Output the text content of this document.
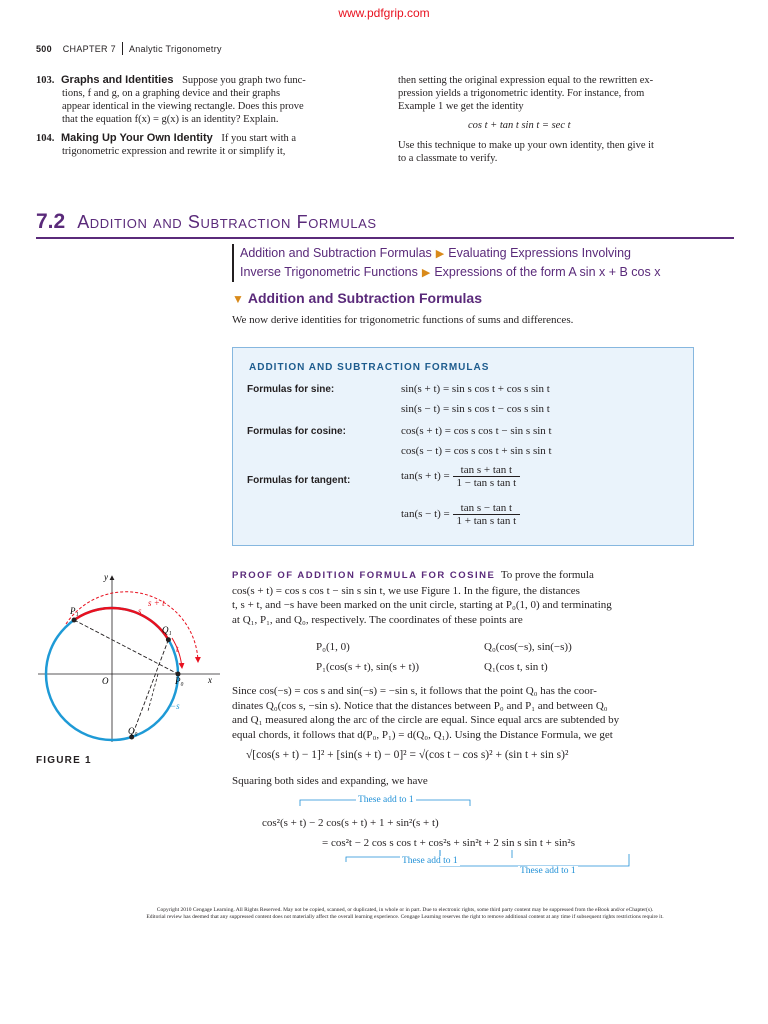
www.pdfgrip.com
500 CHAPTER 7 Analytic Trigonometry
103. Graphs and Identities Suppose you graph two func-
tions, f and g, on a graphing device and their graphs
appear identical in the viewing rectangle. Does this prove
that the equation f(x) = g(x) is an identity? Explain.
104. Making Up Your Own Identity If you start with a
trigonometric expression and rewrite it or simplify it,
then setting the original expression equal to the rewritten ex-
pression yields a trigonometric identity. For instance, from
Example 1 we get the identity
cos t + tan t sin t = sec t
Use this technique to make up your own identity, then give it
to a classmate to verify.
7.2 Addition and Subtraction Formulas
Addition and Subtraction Formulas ▶ Evaluating Expressions Involving
Inverse Trigonometric Functions ▶ Expressions of the form A sin x + B cos x
▼ Addition and Subtraction Formulas
We now derive identities for trigonometric functions of sums and differences.
ADDITION AND SUBTRACTION FORMULAS
Formulas for sine:	sin(s + t) = sin s cos t + cos s sin t
sin(s − t) = sin s cos t − cos s sin t
Formulas for cosine:	cos(s + t) = cos s cos t − sin s sin t
cos(s − t) = cos s cos t + sin s sin t
Formulas for tangent:	$\tan(s + t) = \frac{\text{tan s + tan t}}{\text{1 − tan s tan t}}$
$\tan(s - t) = \frac{\text{tan s − tan t}}{\text{1 + tan s tan t}}$
y
x
O	P₀
P₁
Q₁
Q₀
s + t
s
t
−s
FIGURE 1
PROOF OF ADDITION FORMULA FOR COSINE To prove the formula
cos(s + t) = cos s cos t − sin s sin t, we use Figure 1. In the figure, the distances
t, s + t, and −s have been marked on the unit circle, starting at P₀(1, 0) and terminating
at Q₁, P₁, and Q₀, respectively. The coordinates of these points are
P₀(1, 0)	Q₀(cos(−s), sin(−s))
P₁(cos(s + t), sin(s + t))	Q₁(cos t, sin t)
Since cos(−s) = cos s and sin(−s) = −sin s, it follows that the point Q₀ has the coor-
dinates Q₀(cos s, −sin s). Notice that the distances between P₀ and P₁ and between Q₀
and Q₁ measured along the arc of the circle are equal. Since equal arcs are subtended by
equal chords, it follows that d(P₀, P₁) = d(Q₀, Q₁). Using the Distance Formula, we get
√[cos(s + t) − 1]² + [sin(s + t) − 0]² = √(cos t − cos s)² + (sin t + sin s)²
Squaring both sides and expanding, we have
These add to 1
cos²(s + t) − 2 cos(s + t) + 1 + sin²(s + t)
= cos²t − 2 cos s cos t + cos²s + sin²t + 2 sin s sin t + sin²s
These add to 1
These add to 1
Copyright 2010 Cengage Learning. All Rights Reserved. May not be copied, scanned, or duplicated, in whole or in part. Due to electronic rights, some third party content may be suppressed from the eBook and/or eChapter(s).
Editorial review has deemed that any suppressed content does not materially affect the overall learning experience. Cengage Learning reserves the right to remove additional content at any time if subsequent rights restrictions require it.
